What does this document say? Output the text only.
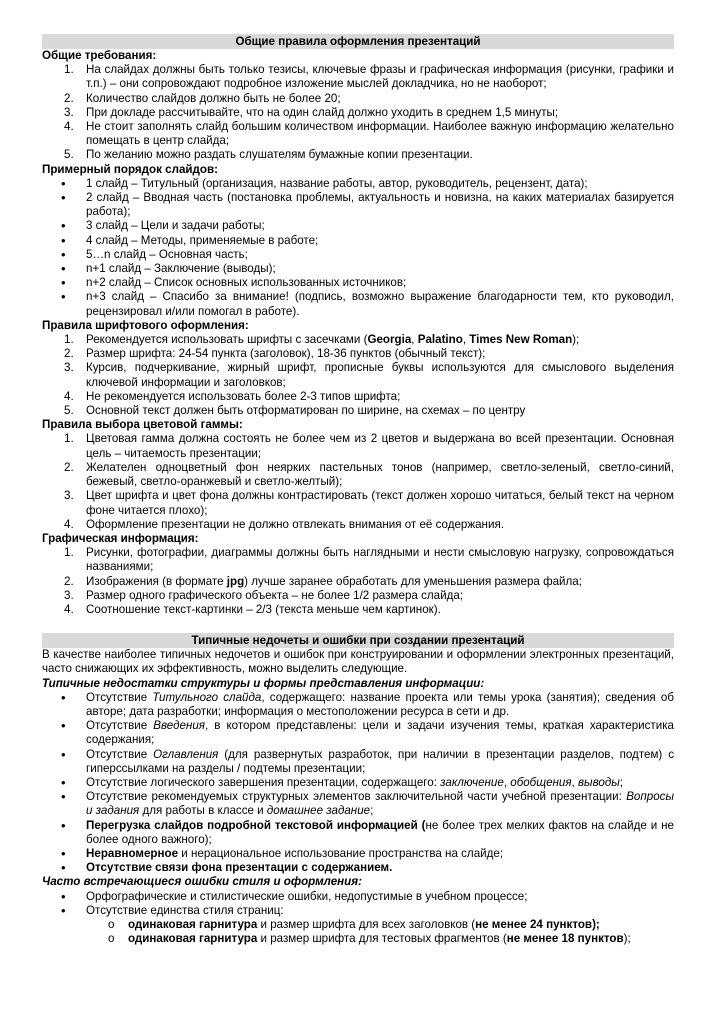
Общие правила оформления презентаций
Общие требования:
1. На слайдах должны быть только тезисы, ключевые фразы и графическая информация (рисунки, графики и т.п.) – они сопровождают подробное изложение мыслей докладчика, но не наоборот;
2. Количество слайдов должно быть не более 20;
3. При докладе рассчитывайте, что на один слайд должно уходить в среднем 1,5 минуты;
4. Не стоит заполнять слайд большим количеством информации. Наиболее важную информацию желательно помещать в центр слайда;
5. По желанию можно раздать слушателям бумажные копии презентации.
Примерный порядок слайдов:
• 1 слайд – Титульный (организация, название работы, автор, руководитель, рецензент, дата);
• 2 слайд – Вводная часть (постановка проблемы, актуальность и новизна, на каких материалах базируется работа);
• 3 слайд – Цели и задачи работы;
• 4 слайд – Методы, применяемые в работе;
• 5…n слайд – Основная часть;
• n+1 слайд – Заключение (выводы);
• n+2 слайд – Список основных использованных источников;
• n+3 слайд – Спасибо за внимание! (подпись, возможно выражение благодарности тем, кто руководил, рецензировал и/или помогал в работе).
Правила шрифтового оформления:
1. Рекомендуется использовать шрифты с засечками (Georgia, Palatino, Times New Roman);
2. Размер шрифта: 24-54 пункта (заголовок), 18-36 пунктов (обычный текст);
3. Курсив, подчеркивание, жирный шрифт, прописные буквы используются для смыслового выделения ключевой информации и заголовков;
4. Не рекомендуется использовать более 2-3 типов шрифта;
5. Основной текст должен быть отформатирован по ширине, на схемах – по центру
Правила выбора цветовой гаммы:
1. Цветовая гамма должна состоять не более чем из 2 цветов и выдержана во всей презентации. Основная цель – читаемость презентации;
2. Желателен одноцветный фон неярких пастельных тонов (например, светло-зеленый, светло-синий, бежевый, светло-оранжевый и светло-желтый);
3. Цвет шрифта и цвет фона должны контрастировать (текст должен хорошо читаться, белый текст на черном фоне читается плохо);
4. Оформление презентации не должно отвлекать внимания от её содержания.
Графическая информация:
1. Рисунки, фотографии, диаграммы должны быть наглядными и нести смысловую нагрузку, сопровождаться названиями;
2. Изображения (в формате jpg) лучше заранее обработать для уменьшения размера файла;
3. Размер одного графического объекта – не более 1/2 размера слайда;
4. Соотношение текст-картинки – 2/3 (текста меньше чем картинок).
Типичные недочеты и ошибки при создании презентаций
В качестве наиболее типичных недочетов и ошибок при конструировании и оформлении электронных презентаций, часто снижающих их эффективность, можно выделить следующие.
Типичные недостатки структуры и формы представления информации:
• Отсутствие Титульного слайда, содержащего: название проекта или темы урока (занятия); сведения об авторе; дата разработки; информация о местоположении ресурса в сети и др.
• Отсутствие Введения, в котором представлены: цели и задачи изучения темы, краткая характеристика содержания;
• Отсутствие Оглавления (для развернутых разработок, при наличии в презентации разделов, подтем) с гиперссылками на разделы / подтемы презентации;
• Отсутствие логического завершения презентации, содержащего: заключение, обобщения, выводы;
• Отсутствие рекомендуемых структурных элементов заключительной части учебной презентации: Вопросы и задания для работы в классе и домашнее задание;
• Перегрузка слайдов подробной текстовой информацией (не более трех мелких фактов на слайде и не более одного важного);
• Неравномерное и нерациональное использование пространства на слайде;
• Отсутствие связи фона презентации с содержанием.
Часто встречающиеся ошибки стиля и оформления:
• Орфографические и стилистические ошибки, недопустимые в учебном процессе;
• Отсутствие единства стиля страниц:
o одинаковая гарнитура и размер шрифта для всех заголовков (не менее 24 пунктов);
o одинаковая гарнитура и размер шрифта для тестовых фрагментов (не менее 18 пунктов);
